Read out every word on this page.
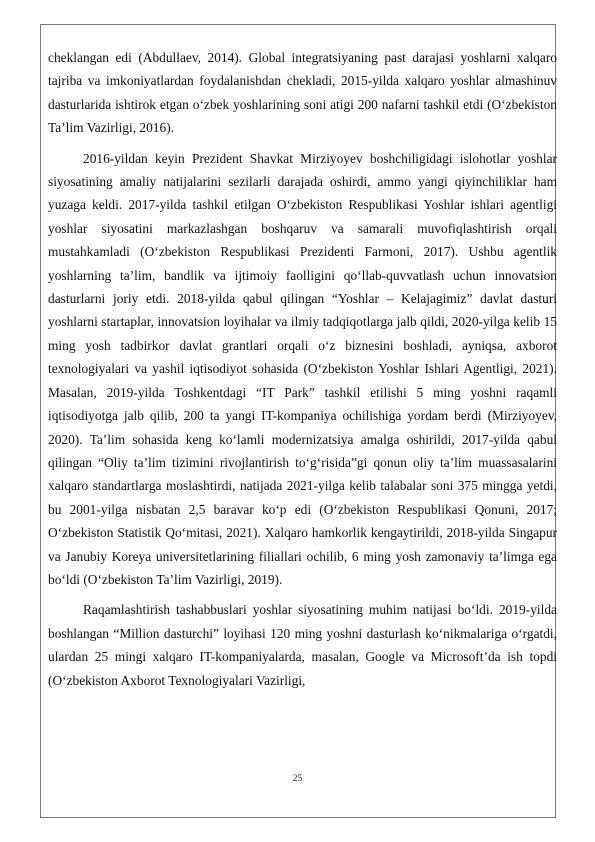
cheklangan edi (Abdullaev, 2014). Global integratsiyaning past darajasi yoshlarni xalqaro tajriba va imkoniyatlardan foydalanishdan chekladi, 2015-yilda xalqaro yoshlar almashinuv dasturlarida ishtirok etgan o‘zbek yoshlarining soni atigi 200 nafarni tashkil etdi (O‘zbekiston Ta’lim Vazirligi, 2016).

2016-yildan keyin Prezident Shavkat Mirziyoyev boshchiligidagi islohotlar yoshlar siyosatining amaliy natijalarini sezilarli darajada oshirdi, ammo yangi qiyinchiliklar ham yuzaga keldi. 2017-yilda tashkil etilgan O‘zbekiston Respublikasi Yoshlar ishlari agentligi yoshlar siyosatini markazlashgan boshqaruv va samarali muvofiqlashtirish orqali mustahkamladi (O‘zbekiston Respublikasi Prezidenti Farmoni, 2017). Ushbu agentlik yoshlarning ta’lim, bandlik va ijtimoiy faolligini qo‘llab-quvvatlash uchun innovatsion dasturlarni joriy etdi. 2018-yilda qabul qilingan “Yoshlar – Kelajagimiz” davlat dasturi yoshlarni startaplar, innovatsion loyihalar va ilmiy tadqiqotlarga jalb qildi, 2020-yilga kelib 15 ming yosh tadbirkor davlat grantlari orqali o‘z biznesini boshladi, ayniqsa, axborot texnologiyalari va yashil iqtisodiyot sohasida (O‘zbekiston Yoshlar Ishlari Agentligi, 2021). Masalan, 2019-yilda Toshkentdagi “IT Park” tashkil etilishi 5 ming yoshni raqamli iqtisodiyotga jalb qilib, 200 ta yangi IT-kompaniya ochilishiga yordam berdi (Mirziyoyev, 2020). Ta’lim sohasida keng ko‘lamli modernizatsiya amalga oshirildi, 2017-yilda qabul qilingan “Oliy ta’lim tizimini rivojlantirish to‘g‘risida”gi qonun oliy ta’lim muassasalarini xalqaro standartlarga moslashtirdi, natijada 2021-yilga kelib talabalar soni 375 mingga yetdi, bu 2001-yilga nisbatan 2,5 baravar ko‘p edi (O‘zbekiston Respublikasi Qonuni, 2017; O‘zbekiston Statistik Qo‘mitasi, 2021). Xalqaro hamkorlik kengaytirildi, 2018-yilda Singapur va Janubiy Koreya universitetlarining filiallari ochilib, 6 ming yosh zamonaviy ta’limga ega bo‘ldi (O‘zbekiston Ta’lim Vazirligi, 2019).

Raqamlashtirish tashabbuslari yoshlar siyosatining muhim natijasi bo‘ldi. 2019-yilda boshlangan “Million dasturchi” loyihasi 120 ming yoshni dasturlash ko‘nikmalariga o‘rgatdi, ulardan 25 mingi xalqaro IT-kompaniyalarda, masalan, Google va Microsoft’da ish topdi (O‘zbekiston Axborot Texnologiyalari Vazirligi,

25
